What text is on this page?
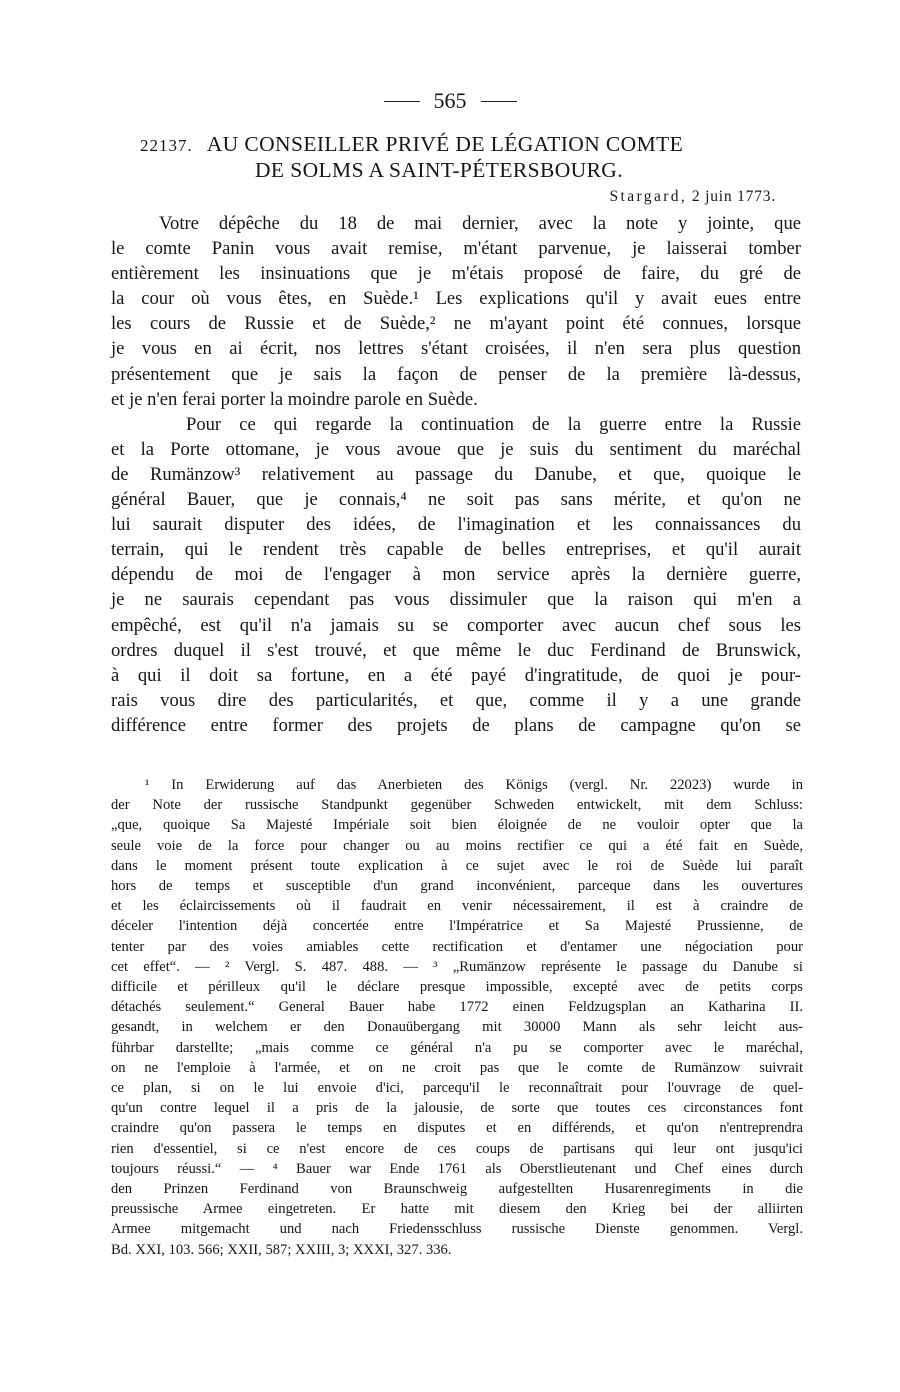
565
22137. AU CONSEILLER PRIVÉ DE LÉGATION COMTE
DE SOLMS A SAINT-PÉTERSBOURG.
Stargard, 2 juin 1773.
Votre dépêche du 18 de mai dernier, avec la note y jointe, que
le comte Panin vous avait remise, m'étant parvenue, je laisserai tomber
entièrement les insinuations que je m'étais proposé de faire, du gré de
la cour où vous êtes, en Suède.¹ Les explications qu'il y avait eues entre
les cours de Russie et de Suède,² ne m'ayant point été connues, lorsque
je vous en ai écrit, nos lettres s'étant croisées, il n'en sera plus question
présentement que je sais la façon de penser de la première là-dessus,
et je n'en ferai porter la moindre parole en Suède.
Pour ce qui regarde la continuation de la guerre entre la Russie
et la Porte ottomane, je vous avoue que je suis du sentiment du maréchal
de Rumänzow³ relativement au passage du Danube, et que, quoique le
général Bauer, que je connais,⁴ ne soit pas sans mérite, et qu'on ne
lui saurait disputer des idées, de l'imagination et les connaissances du
terrain, qui le rendent très capable de belles entreprises, et qu'il aurait
dépendu de moi de l'engager à mon service après la dernière guerre,
je ne saurais cependant pas vous dissimuler que la raison qui m'en a
empêché, est qu'il n'a jamais su se comporter avec aucun chef sous les
ordres duquel il s'est trouvé, et que même le duc Ferdinand de Brunswick,
à qui il doit sa fortune, en a été payé d'ingratitude, de quoi je pour-
rais vous dire des particularités, et que, comme il y a une grande
différence entre former des projets de plans de campagne qu'on se
¹ In Erwiderung auf das Anerbieten des Königs (vergl. Nr. 22023) wurde in
der Note der russische Standpunkt gegenüber Schweden entwickelt, mit dem Schluss:
„que, quoique Sa Majesté Impériale soit bien éloignée de ne vouloir opter que la
seule voie de la force pour changer ou au moins rectifier ce qui a été fait en Suède,
dans le moment présent toute explication à ce sujet avec le roi de Suède lui paraît
hors de temps et susceptible d'un grand inconvénient, parceque dans les ouvertures
et les éclaircissements où il faudrait en venir nécessairement, il est à craindre de
déceler l'intention déjà concertée entre l'Impératrice et Sa Majesté Prussienne, de
tenter par des voies amiables cette rectification et d'entamer une négociation pour
cet effet“. — ² Vergl. S. 487. 488. — ³ „Rumänzow représente le passage du Danube si
difficile et périlleux qu'il le déclare presque impossible, excepté avec de petits corps
détachés seulement.“ General Bauer habe 1772 einen Feldzugsplan an Katharina II.
gesandt, in welchem er den Donauübergang mit 30000 Mann als sehr leicht aus-
führbar darstellte; „mais comme ce général n'a pu se comporter avec le maréchal,
on ne l'emploie à l'armée, et on ne croit pas que le comte de Rumänzow suivrait
ce plan, si on le lui envoie d'ici, parcequ'il le reconnaîtrait pour l'ouvrage de quel-
qu'un contre lequel il a pris de la jalousie, de sorte que toutes ces circonstances font
craindre qu'on passera le temps en disputes et en différends, et qu'on n'entreprendra
rien d'essentiel, si ce n'est encore de ces coups de partisans qui leur ont jusqu'ici
toujours réussi.“ — ⁴ Bauer war Ende 1761 als Oberstlieutenant und Chef eines durch
den Prinzen Ferdinand von Braunschweig aufgestellten Husarenregiments in die
preussische Armee eingetreten. Er hatte mit diesem den Krieg bei der alliirten
Armee mitgemacht und nach Friedensschluss russische Dienste genommen. Vergl.
Bd. XXI, 103. 566; XXII, 587; XXIII, 3; XXXI, 327. 336.
